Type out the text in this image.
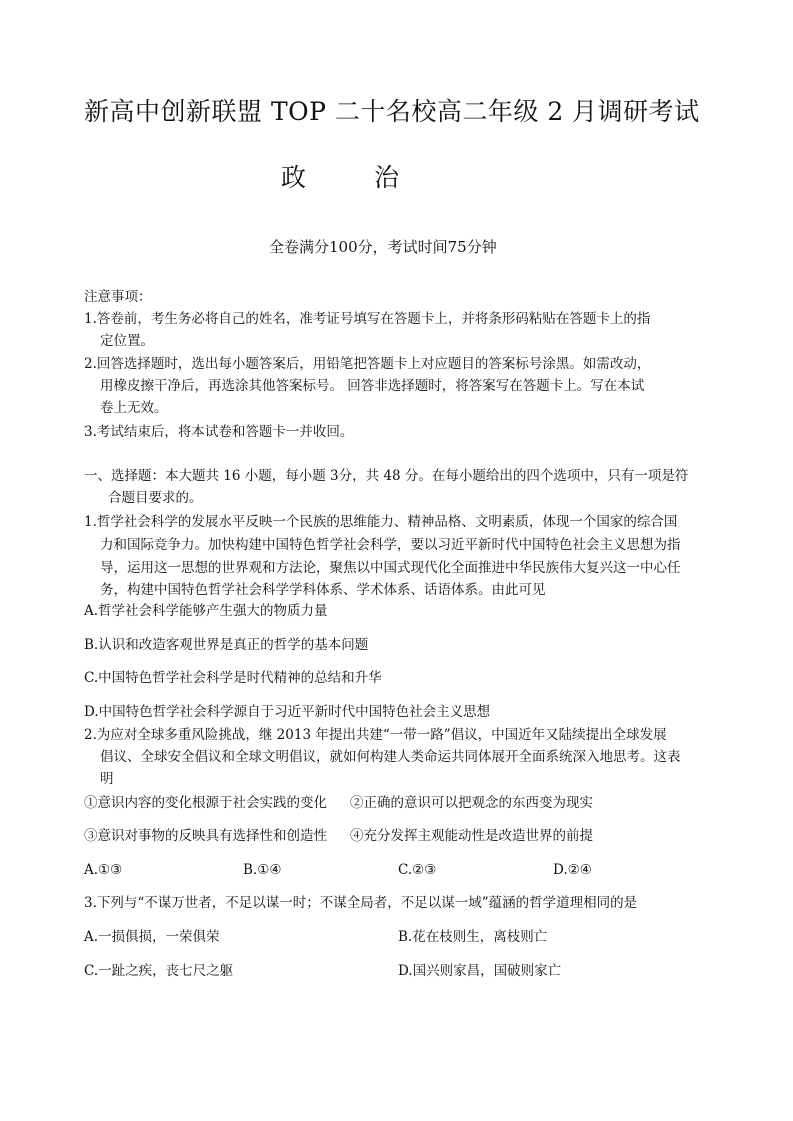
新高中创新联盟 TOP 二十名校高二年级 2 月调研考试
政	治
全卷满分100分，考试时间75分钟
注意事项：
1.答卷前，考生务必将自己的姓名，准考证号填写在答题卡上，并将条形码粘贴在答题卡上的指
定位置。
2.回答选择题时，选出每小题答案后，用铅笔把答题卡上对应题目的答案标号涂黑。如需改动，
用橡皮擦干净后，再选涂其他答案标号。 回答非选择题时，将答案写在答题卡上。写在本试
卷上无效。
3.考试结束后，将本试卷和答题卡一并收回。
一、选择题：本大题共 16 小题，每小题 3分，共 48 分。在每小题给出的四个选项中，只有一项是符
合题目要求的。
1.哲学社会科学的发展水平反映一个民族的思维能力、精神品格、文明素质，体现一个国家的综合国
力和国际竞争力。加快构建中国特色哲学社会科学，要以习近平新时代中国特色社会主义思想为指
导，运用这一思想的世界观和方法论，聚焦以中国式现代化全面推进中华民族伟大复兴这一中心任
务，构建中国特色哲学社会科学学科体系、学术体系、话语体系。由此可见
A.哲学社会科学能够产生强大的物质力量
B.认识和改造客观世界是真正的哲学的基本问题
C.中国特色哲学社会科学是时代精神的总结和升华
D.中国特色哲学社会科学源自于习近平新时代中国特色社会主义思想
2.为应对全球多重风险挑战，继 2013 年提出共建“一带一路”倡议，中国近年又陆续提出全球发展
倡议、全球安全倡议和全球文明倡议，就如何构建人类命运共同体展开全面系统深入地思考。这表
明
①意识内容的变化根源于社会实践的变化 ②正确的意识可以把观念的东西变为现实
③意识对事物的反映具有选择性和创造性 ④充分发挥主观能动性是改造世界的前提
A.①③	B.①④	C.②③	D.②④
3.下列与“不谋万世者，不足以谋一时；不谋全局者，不足以谋一域”蕴涵的哲学道理相同的是
A.一损俱损，一荣俱荣	B.花在枝则生，离枝则亡
C.一趾之疾，丧七尺之躯	D.国兴则家昌，国破则家亡
